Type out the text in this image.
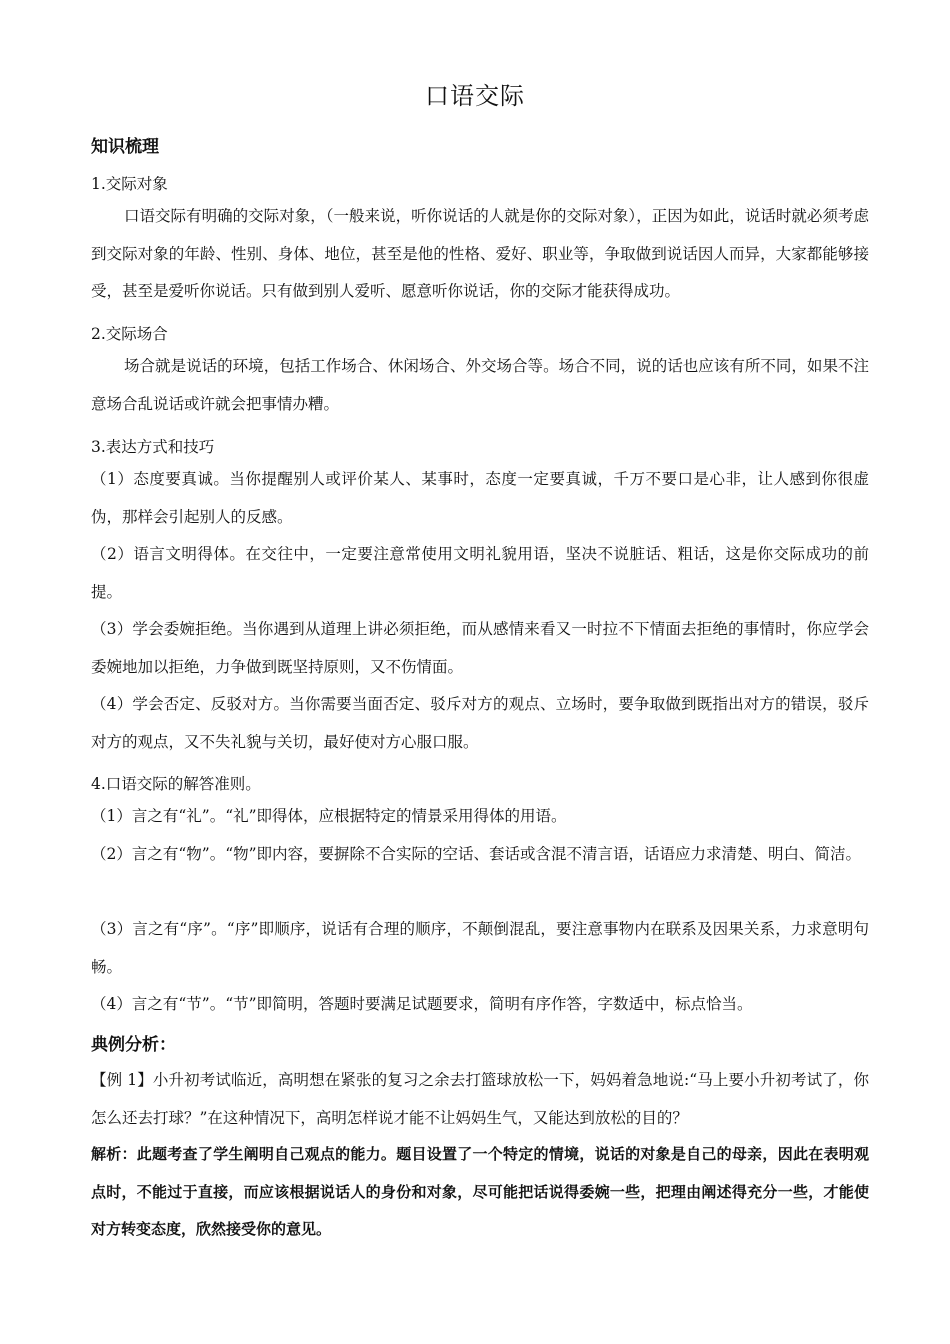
口语交际
知识梳理
1.交际对象
口语交际有明确的交际对象，（一般来说，听你说话的人就是你的交际对象），正因为如此，说话时就必须考虑到交际对象的年龄、性别、身体、地位，甚至是他的性格、爱好、职业等，争取做到说话因人而异，大家都能够接受，甚至是爱听你说话。只有做到别人爱听、愿意听你说话，你的交际才能获得成功。
2.交际场合
场合就是说话的环境，包括工作场合、休闲场合、外交场合等。场合不同，说的话也应该有所不同，如果不注意场合乱说话或许就会把事情办糟。
3.表达方式和技巧
（1）态度要真诚。当你提醒别人或评价某人、某事时，态度一定要真诚，千万不要口是心非，让人感到你很虚伪，那样会引起别人的反感。
（2）语言文明得体。在交往中，一定要注意常使用文明礼貌用语，坚决不说脏话、粗话，这是你交际成功的前提。
（3）学会委婉拒绝。当你遇到从道理上讲必须拒绝，而从感情来看又一时拉不下情面去拒绝的事情时，你应学会委婉地加以拒绝，力争做到既坚持原则，又不伤情面。
（4）学会否定、反驳对方。当你需要当面否定、驳斥对方的观点、立场时，要争取做到既指出对方的错误，驳斥对方的观点，又不失礼貌与关切，最好使对方心服口服。
4.口语交际的解答准则。
（1）言之有“礼”。“礼”即得体，应根据特定的情景采用得体的用语。
（2）言之有“物”。“物”即内容，要摒除不合实际的空话、套话或含混不清言语，话语应力求清楚、明白、简洁。
（3）言之有“序”。“序”即顺序，说话有合理的顺序，不颠倒混乱，要注意事物内在联系及因果关系，力求意明句畅。
（4）言之有“节”。“节”即简明，答题时要满足试题要求，简明有序作答，字数适中，标点恰当。
典例分析：
【例 1】小升初考试临近，高明想在紧张的复习之余去打篮球放松一下，妈妈着急地说:“马上要小升初考试了，你怎么还去打球？”在这种情况下，高明怎样说才能不让妈妈生气，又能达到放松的目的？
解析：此题考查了学生阐明自己观点的能力。题目设置了一个特定的情境，说话的对象是自己的母亲，因此在表明观点时，不能过于直接，而应该根据说话人的身份和对象，尽可能把话说得委婉一些，把理由阐述得充分一些，才能使对方转变态度，欣然接受你的意见。
